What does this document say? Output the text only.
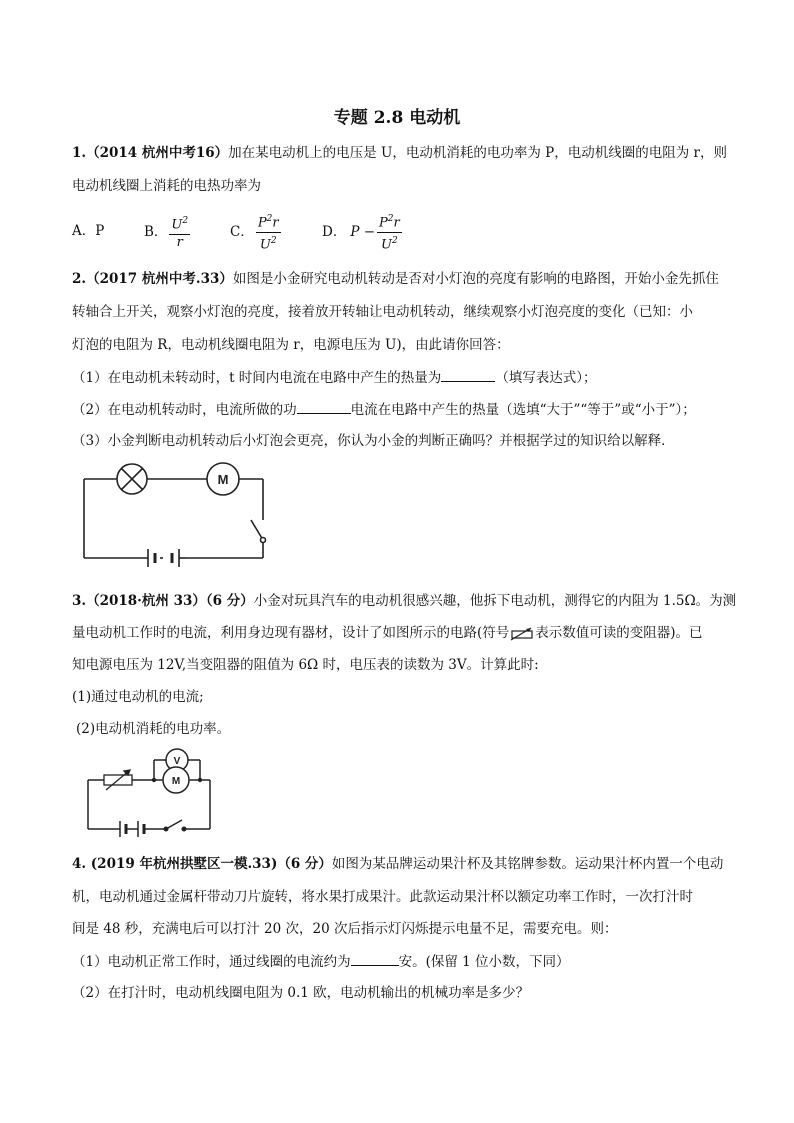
专题 2.8 电动机
1.（2014 杭州中考16）加在某电动机上的电压是 U，电动机消耗的电功率为 P，电动机线圈的电阻为 r，则
电动机线圈上消耗的电热功率为
A．P	B． $\frac{U^2}{r}$	C． $\frac{P^2r}{U^2}$	D． $P - \frac{P^2r}{U^2}$
2.（2017 杭州中考.33）如图是小金研究电动机转动是否对小灯泡的亮度有影响的电路图，开始小金先抓住
转轴合上开关，观察小灯泡的亮度，接着放开转轴让电动机转动，继续观察小灯泡亮度的变化（已知：小
灯泡的电阻为 R，电动机线圈电阻为 r，电源电压为 U)，由此请你回答：
（1）在电动机未转动时，t 时间内电流在电路中产生的热量为	（填写表达式）；
（2）在电动机转动时，电流所做的功	电流在电路中产生的热量（选填“大于”“等于”或“小于”）；
（3）小金判断电动机转动后小灯泡会更亮，你认为小金的判断正确吗？并根据学过的知识给以解释．
M
3.（2018·杭州 33）（6 分）小金对玩具汽车的电动机很感兴趣，他拆下电动机，测得它的内阻为 1.5Ω。为测
量电动机工作时的电流，利用身边现有器材，设计了如图所示的电路(符号 表示数值可读的变阻器)。已
知电源电压为 12V,当变阻器的阻值为 6Ω 时，电压表的读数为 3V。计算此时:
(1)通过电动机的电流;
(2)电动机消耗的电功率。
V
M
4. (2019 年杭州拱墅区一模.33)（6 分）如图为某品牌运动果汁杯及其铭牌参数。运动果汁杯内置一个电动
机，电动机通过金属杆带动刀片旋转，将水果打成果汁。此款运动果汁杯以额定功率工作时，一次打汁时
间是 48 秒，充满电后可以打汁 20 次，20 次后指示灯闪烁提示电量不足，需要充电。则：
（1）电动机正常工作时，通过线圈的电流约为	安。(保留 1 位小数，下同）
（2）在打汁时，电动机线圈电阻为 0.1 欧，电动机输出的机械功率是多少？
